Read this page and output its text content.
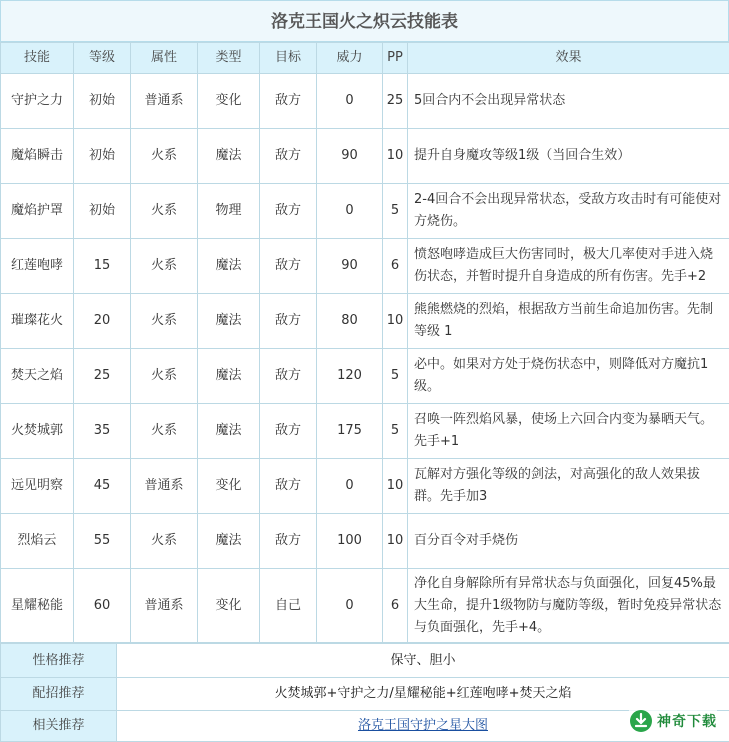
洛克王国火之炽云技能表
技能	等级	属性	类型	目标	威力	PP	效果
守护之力	初始	普通系	变化	敌方	0	25	5回合内不会出现异常状态
魔焰瞬击	初始	火系	魔法	敌方	90	10	提升自身魔攻等级1级（当回合生效）
魔焰护罩	初始	火系	物理	敌方	0	5	2-4回合不会出现异常状态，受敌方攻击时有可能使对方烧伤。
红莲咆哮	15	火系	魔法	敌方	90	6	愤怒咆哮造成巨大伤害同时，极大几率使对手进入烧伤状态，并暂时提升自身造成的所有伤害。先手+2
璀璨花火	20	火系	魔法	敌方	80	10	熊熊燃烧的烈焰，根据敌方当前生命追加伤害。先制等级 1
焚天之焰	25	火系	魔法	敌方	120	5	必中。如果对方处于烧伤状态中，则降低对方魔抗1级。
火焚城郭	35	火系	魔法	敌方	175	5	召唤一阵烈焰风暴，使场上六回合内变为暴晒天气。先手+1
远见明察	45	普通系	变化	敌方	0	10	瓦解对方强化等级的剑法，对高强化的敌人效果拔群。先手加3
烈焰云	55	火系	魔法	敌方	100	10	百分百令对手烧伤
星耀秘能	60	普通系	变化	自己	0	6	净化自身解除所有异常状态与负面强化，回复45%最大生命，提升1级物防与魔防等级，暂时免疫异常状态与负面强化，先手+4。
性格推荐	保守、胆小
配招推荐	火焚城郭+守护之力/星耀秘能+红莲咆哮+焚天之焰
相关推荐	洛克王国守护之星大图	神奇下载
